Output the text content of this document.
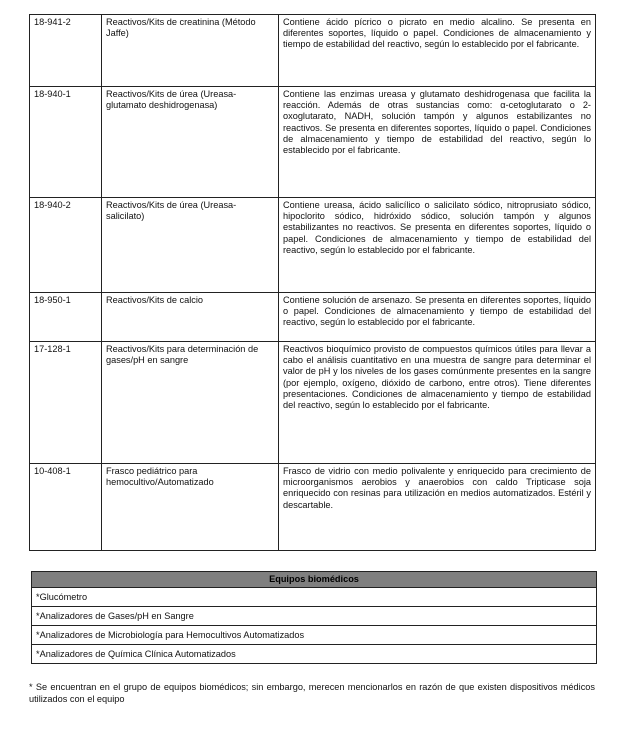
18-941-2	Reactivos/Kits de creatinina (Método Jaffe)	Contiene ácido pícrico o picrato en medio alcalino. Se presenta en diferentes soportes, líquido o papel. Condiciones de almacenamiento y tiempo de estabilidad del reactivo, según lo establecido por el fabricante.
18-940-1	Reactivos/Kits de úrea (Ureasa-glutamato deshidrogenasa)	Contiene las enzimas ureasa y glutamato deshidrogenasa que facilita la reacción. Además de otras sustancias como: α-cetoglutarato o 2-oxoglutarato, NADH, solución tampón y algunos estabilizantes no reactivos. Se presenta en diferentes soportes, líquido o papel. Condiciones de almacenamiento y tiempo de estabilidad del reactivo, según lo establecido por el fabricante.
18-940-2	Reactivos/Kits de úrea (Ureasa-salicilato)	Contiene ureasa, ácido salicílico o salicilato sódico, nitroprusiato sódico, hipoclorito sódico, hidróxido sódico, solución tampón y algunos estabilizantes no reactivos. Se presenta en diferentes soportes, líquido o papel. Condiciones de almacenamiento y tiempo de estabilidad del reactivo, según lo establecido por el fabricante.
18-950-1	Reactivos/Kits de calcio	Contiene solución de arsenazo. Se presenta en diferentes soportes, líquido o papel. Condiciones de almacenamiento y tiempo de estabilidad del reactivo, según lo establecido por el fabricante.
17-128-1	Reactivos/Kits para determinación de gases/pH en sangre	Reactivos bioquímico provisto de compuestos químicos útiles para llevar a cabo el análisis cuantitativo en una muestra de sangre para determinar el valor de pH y los niveles de los gases comúnmente presentes en la sangre (por ejemplo, oxígeno, dióxido de carbono, entre otros). Tiene diferentes presentaciones. Condiciones de almacenamiento y tiempo de estabilidad del reactivo, según lo establecido por el fabricante.
10-408-1	Frasco pediátrico para hemocultivo/Automatizado	Frasco de vidrio con medio polivalente y enriquecido para crecimiento de microorganismos aerobios y anaerobios con caldo Tripticase soja enriquecido con resinas para utilización en medios automatizados. Estéril y descartable.
Equipos biomédicos
*Glucómetro
*Analizadores de Gases/pH en Sangre
*Analizadores de Microbiología para Hemocultivos Automatizados
*Analizadores de Química Clínica Automatizados
* Se encuentran en el grupo de equipos biomédicos; sin embargo, merecen mencionarlos en razón de que existen dispositivos médicos utilizados con el equipo
